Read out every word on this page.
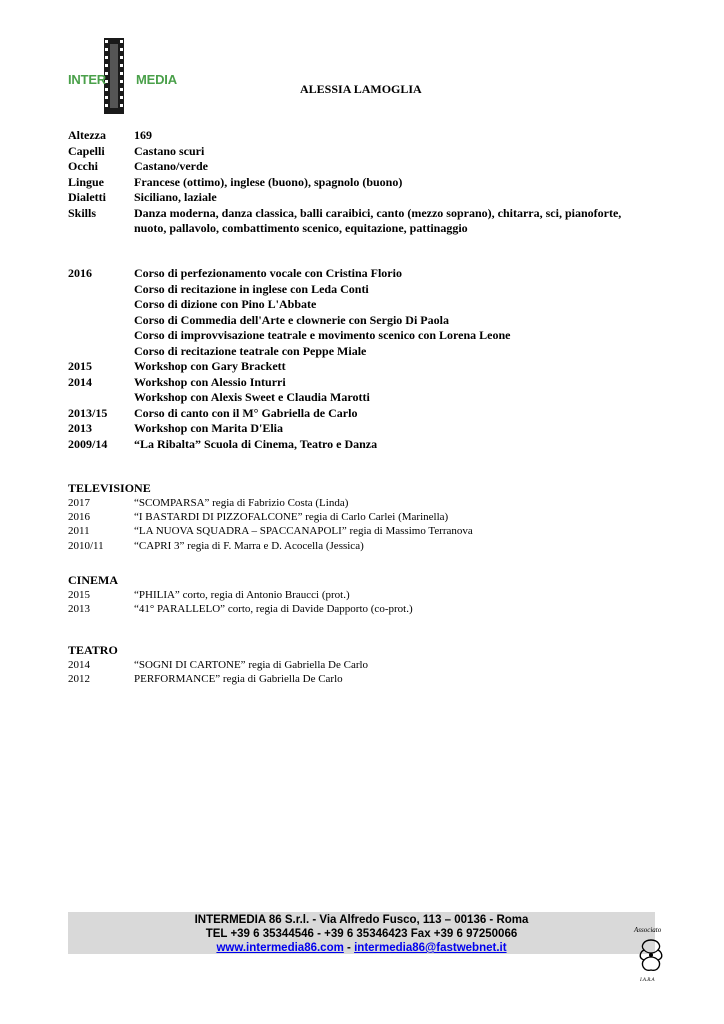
INTER MEDIA
ALESSIA LAMOGLIA
Altezza	169
Capelli	Castano scuri
Occhi	Castano/verde
Lingue	Francese (ottimo), inglese (buono), spagnolo (buono)
Dialetti	Siciliano, laziale
Skills	Danza moderna, danza classica, balli caraibici, canto (mezzo soprano), chitarra, sci, pianoforte, nuoto, pallavolo, combattimento scenico, equitazione, pattinaggio
2016	Corso di perfezionamento vocale con Cristina Florio
Corso di recitazione in inglese con Leda Conti
Corso di dizione con Pino L'Abbate
Corso di Commedia dell'Arte e clownerie con Sergio Di Paola
Corso di improvvisazione teatrale e movimento scenico con Lorena Leone
Corso di recitazione teatrale con Peppe Miale
2015	Workshop con Gary Brackett
2014	Workshop con Alessio Inturri
Workshop con Alexis Sweet e Claudia Marotti
2013/15	Corso di canto con il M° Gabriella de Carlo
2013	Workshop con Marita D'Elia
2009/14	“La Ribalta” Scuola di Cinema, Teatro e Danza
TELEVISIONE
2017	“SCOMPARSA” regia di Fabrizio Costa (Linda)
2016	“I BASTARDI DI PIZZOFALCONE” regia di Carlo Carlei (Marinella)
2011	“LA NUOVA SQUADRA – SPACCANAPOLI” regia di Massimo Terranova
2010/11	“CAPRI 3” regia di F. Marra e D. Acocella (Jessica)
CINEMA
2015	“PHILIA” corto, regia di Antonio Braucci (prot.)
2013	“41° PARALLELO” corto, regia di Davide Dapporto (co-prot.)
TEATRO
2014	“SOGNI DI CARTONE” regia di Gabriella De Carlo
2012	PERFORMANCE” regia di Gabriella De Carlo
INTERMEDIA 86 S.r.l. - Via Alfredo Fusco, 113 – 00136 - Roma
TEL +39 6 35344546 - +39 6 35346423 Fax +39 6 97250066
www.intermedia86.com - intermedia86@fastwebnet.it
Associato
I.A.R.A
